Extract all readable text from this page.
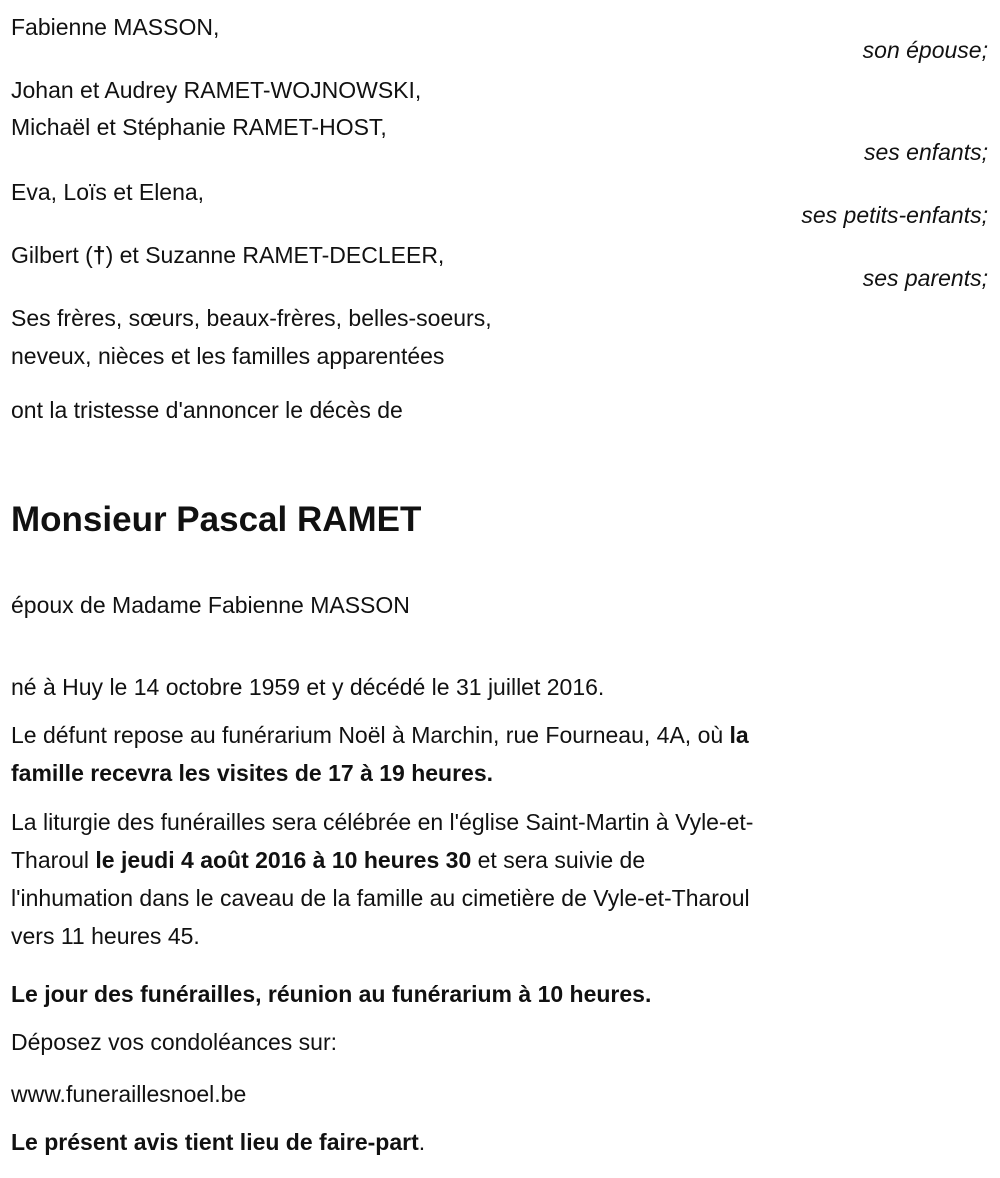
Fabienne MASSON,
son épouse;
Johan et Audrey RAMET-WOJNOWSKI,
Michaël et Stéphanie RAMET-HOST,
ses enfants;
Eva, Loïs et Elena,
ses petits-enfants;
Gilbert (†) et Suzanne RAMET-DECLEER,
ses parents;
Ses frères, sœurs, beaux-frères, belles-soeurs,
neveux, nièces et les familles apparentées
ont la tristesse d'annoncer le décès de
Monsieur Pascal RAMET
époux de Madame Fabienne MASSON
né à Huy le 14 octobre 1959 et y décédé le 31 juillet 2016.
Le défunt repose au funérarium Noël à Marchin, rue Fourneau, 4A, où la
famille recevra les visites de 17 à 19 heures.
La liturgie des funérailles sera célébrée en l'église Saint-Martin à Vyle-et-
Tharoul le jeudi 4 août 2016 à 10 heures 30 et sera suivie de
l'inhumation dans le caveau de la famille au cimetière de Vyle-et-Tharoul
vers 11 heures 45.
Le jour des funérailles, réunion au funérarium à 10 heures.
Déposez vos condoléances sur:
www.funeraillesnoel.be
Le présent avis tient lieu de faire-part.
